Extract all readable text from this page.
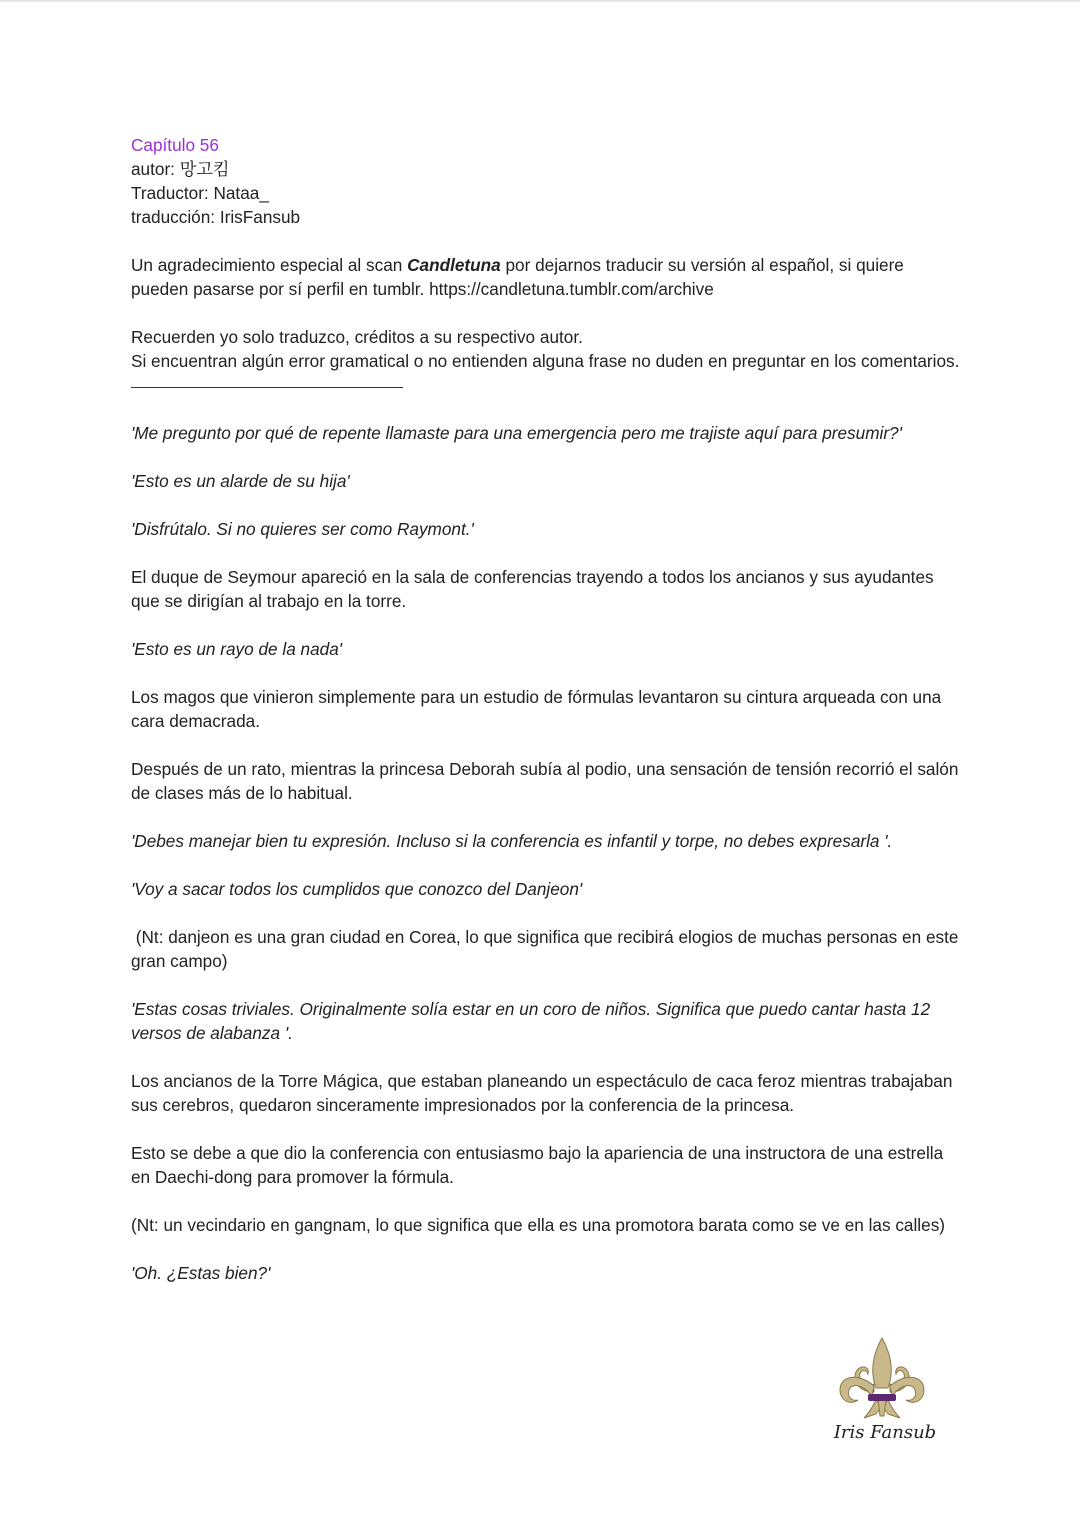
Capítulo 56

autor: 망고킴

Traductor: Nataa_

traducción: IrisFansub

Un agradecimiento especial al scan Candletuna por dejarnos traducir su versión al español, si quiere pueden pasarse por sí perfil en tumblr. https://candletuna.tumblr.com/archive

Recuerden yo solo traduzco, créditos a su respectivo autor.

Si encuentran algún error gramatical o no entienden alguna frase no duden en preguntar en los comentarios.

'Me pregunto por qué de repente llamaste para una emergencia pero me trajiste aquí para presumir?'

'Esto es un alarde de su hija'

'Disfrútalo. Si no quieres ser como Raymont.'

El duque de Seymour apareció en la sala de conferencias trayendo a todos los ancianos y sus ayudantes que se dirigían al trabajo en la torre.

'Esto es un rayo de la nada'

Los magos que vinieron simplemente para un estudio de fórmulas levantaron su cintura arqueada con una cara demacrada.

Después de un rato, mientras la princesa Deborah subía al podio, una sensación de tensión recorrió el salón de clases más de lo habitual.

'Debes manejar bien tu expresión. Incluso si la conferencia es infantil y torpe, no debes expresarla '.

'Voy a sacar todos los cumplidos que conozco del Danjeon'

(Nt: danjeon es una gran ciudad en Corea, lo que significa que recibirá elogios de muchas personas en este gran campo)

'Estas cosas triviales. Originalmente solía estar en un coro de niños. Significa que puedo cantar hasta 12 versos de alabanza '.

Los ancianos de la Torre Mágica, que estaban planeando un espectáculo de caca feroz mientras trabajaban sus cerebros, quedaron sinceramente impresionados por la conferencia de la princesa.

Esto se debe a que dio la conferencia con entusiasmo bajo la apariencia de una instructora de una estrella en Daechi-dong para promover la fórmula.

(Nt: un vecindario en gangnam, lo que significa que ella es una promotora barata como se ve en las calles)

'Oh. ¿Estas bien?'

Iris Fansub
